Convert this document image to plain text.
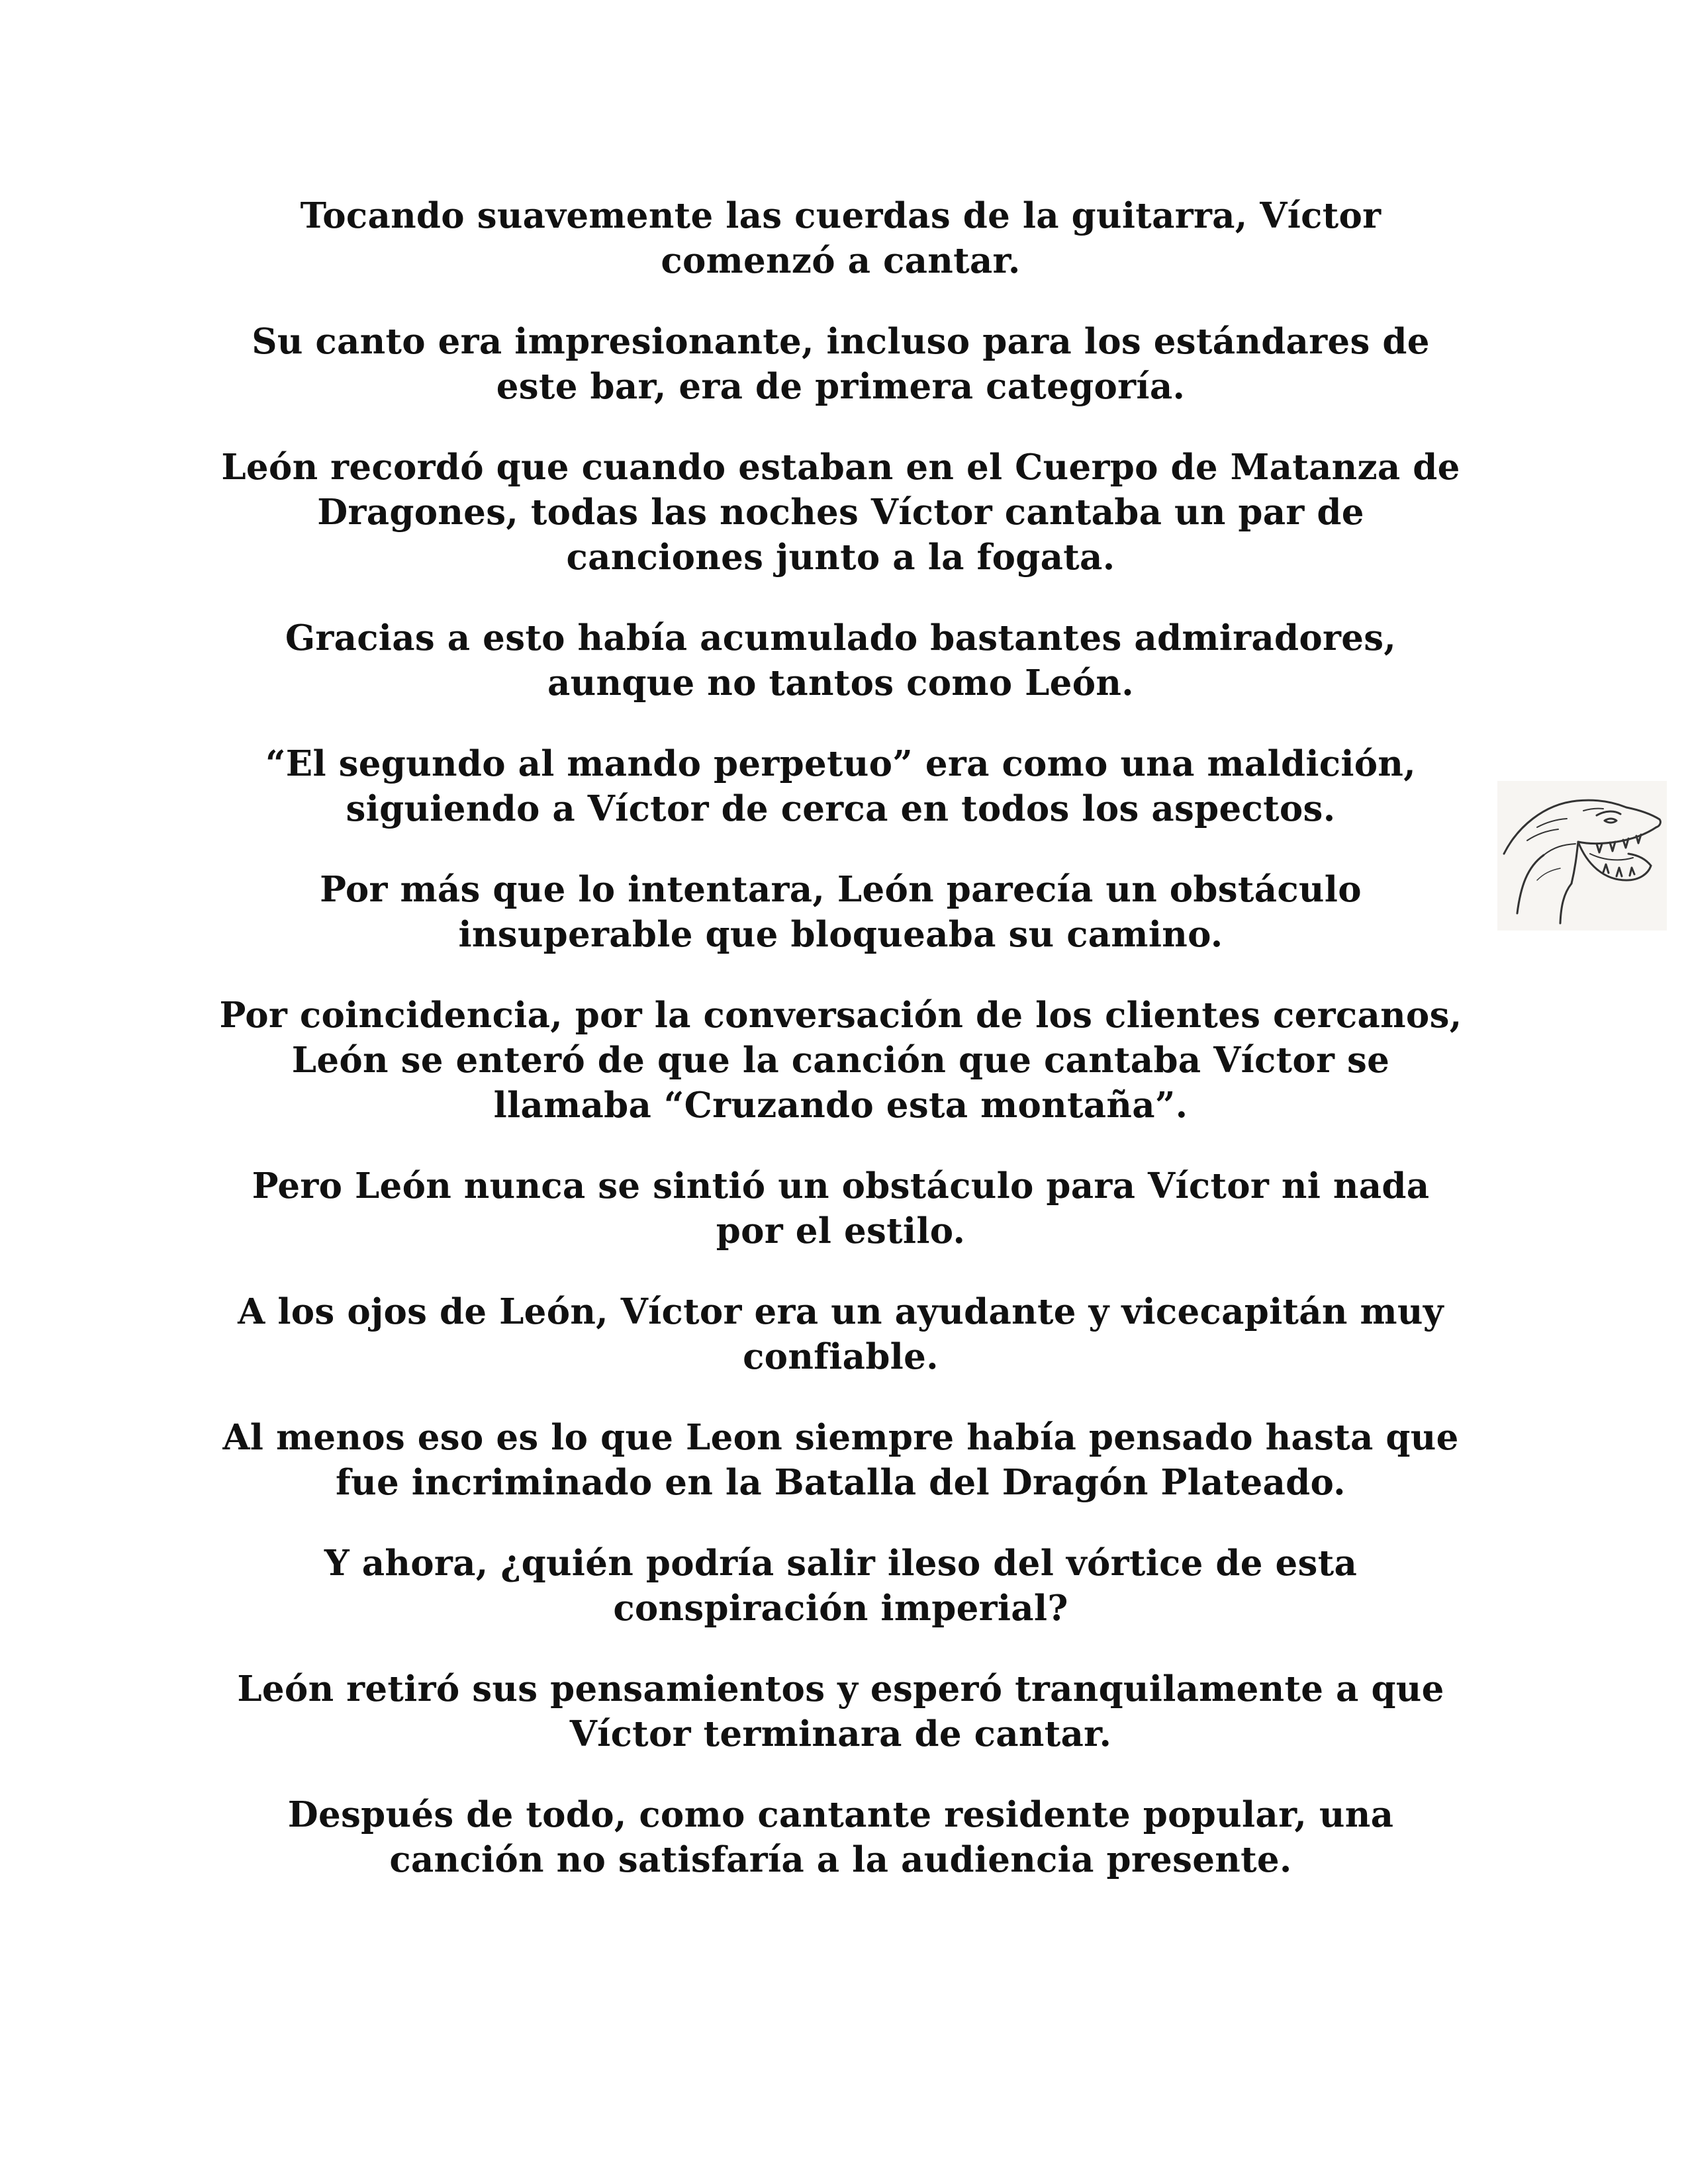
Tocando suavemente las cuerdas de la guitarra, Víctor comenzó a cantar.

Su canto era impresionante, incluso para los estándares de este bar, era de primera categoría.

León recordó que cuando estaban en el Cuerpo de Matanza de Dragones, todas las noches Víctor cantaba un par de canciones junto a la fogata.

Gracias a esto había acumulado bastantes admiradores, aunque no tantos como León.

“El segundo al mando perpetuo” era como una maldición, siguiendo a Víctor de cerca en todos los aspectos.

Por más que lo intentara, León parecía un obstáculo insuperable que bloqueaba su camino.

Por coincidencia, por la conversación de los clientes cercanos, León se enteró de que la canción que cantaba Víctor se llamaba “Cruzando esta montaña”.

Pero León nunca se sintió un obstáculo para Víctor ni nada por el estilo.

A los ojos de León, Víctor era un ayudante y vicecapitán muy confiable.

Al menos eso es lo que Leon siempre había pensado hasta que fue incriminado en la Batalla del Dragón Plateado.

Y ahora, ¿quién podría salir ileso del vórtice de esta conspiración imperial?

León retiró sus pensamientos y esperó tranquilamente a que Víctor terminara de cantar.

Después de todo, como cantante residente popular, una canción no satisfaría a la audiencia presente.
